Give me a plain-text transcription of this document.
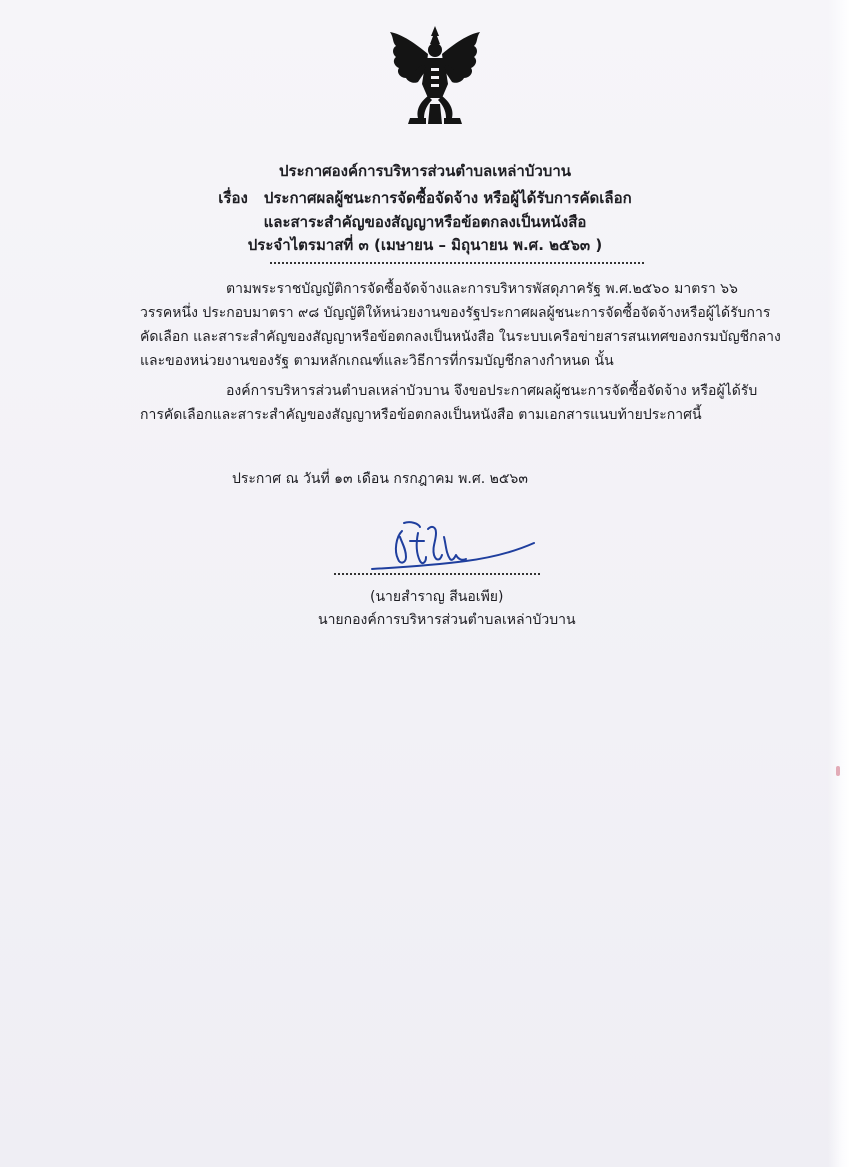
ประกาศองค์การบริหารส่วนตำบลเหล่าบัวบาน
เรื่อง ประกาศผลผู้ชนะการจัดซื้อจัดจ้าง หรือผู้ได้รับการคัดเลือก
และสาระสำคัญของสัญญาหรือข้อตกลงเป็นหนังสือ
ประจำไตรมาสที่ ๓ (เมษายน – มิถุนายน พ.ศ. ๒๕๖๓ )
ตามพระราชบัญญัติการจัดซื้อจัดจ้างและการบริหารพัสดุภาครัฐ พ.ศ.๒๕๖๐ มาตรา ๖๖
วรรคหนึ่ง ประกอบมาตรา ๙๘ บัญญัติให้หน่วยงานของรัฐประกาศผลผู้ชนะการจัดซื้อจัดจ้างหรือผู้ได้รับการ
คัดเลือก และสาระสำคัญของสัญญาหรือข้อตกลงเป็นหนังสือ ในระบบเครือข่ายสารสนเทศของกรมบัญชีกลาง
และของหน่วยงานของรัฐ ตามหลักเกณฑ์และวิธีการที่กรมบัญชีกลางกำหนด นั้น
องค์การบริหารส่วนตำบลเหล่าบัวบาน จึงขอประกาศผลผู้ชนะการจัดซื้อจัดจ้าง หรือผู้ได้รับ
การคัดเลือกและสาระสำคัญของสัญญาหรือข้อตกลงเป็นหนังสือ ตามเอกสารแนบท้ายประกาศนี้
ประกาศ ณ วันที่ ๑๓ เดือน กรกฎาคม พ.ศ. ๒๕๖๓
(นายสำราญ สีนอเพีย)
นายกองค์การบริหารส่วนตำบลเหล่าบัวบาน
